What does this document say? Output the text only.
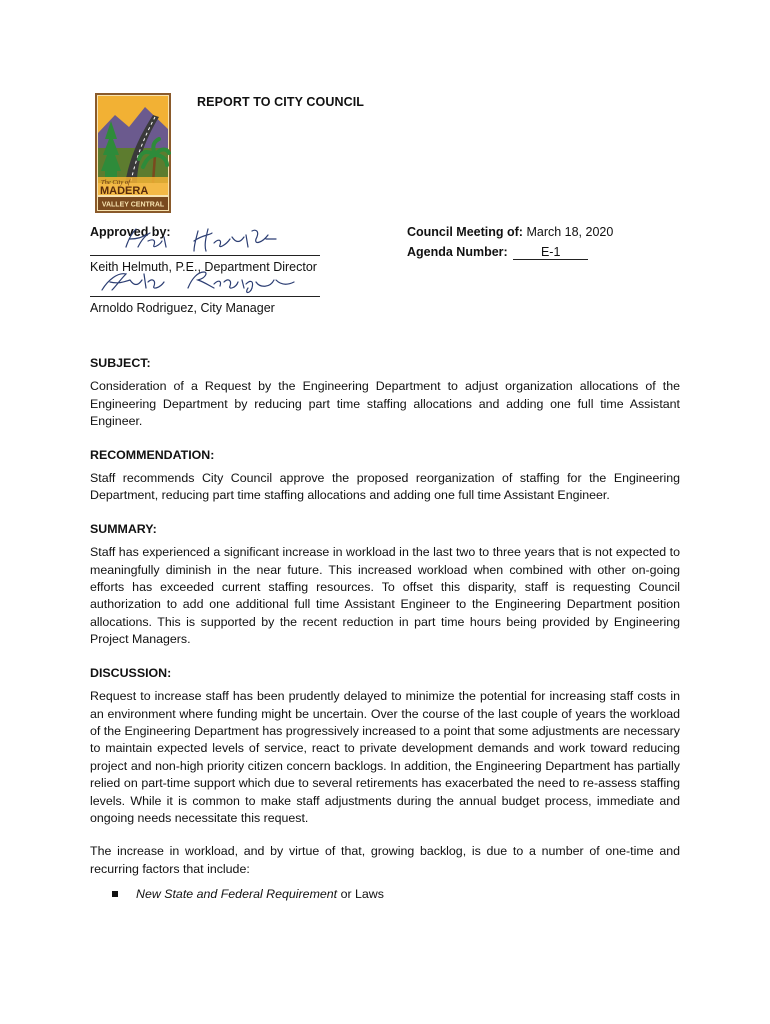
The City of
MADERA
VALLEY CENTRAL
REPORT TO CITY COUNCIL
Approved by:
Keith Helmuth, P.E., Department Director
Arnoldo Rodriguez, City Manager
Council Meeting of: March 18, 2020
Agenda Number:	E-1

SUBJECT:

Consideration of a Request by the Engineering Department to adjust organization allocations of the Engineering Department by reducing part time staffing allocations and adding one full time Assistant Engineer.

RECOMMENDATION:

Staff recommends City Council approve the proposed reorganization of staffing for the Engineering Department, reducing part time staffing allocations and adding one full time Assistant Engineer.

SUMMARY:

Staff has experienced a significant increase in workload in the last two to three years that is not expected to meaningfully diminish in the near future. This increased workload when combined with other on-going efforts has exceeded current staffing resources. To offset this disparity, staff is requesting Council authorization to add one additional full time Assistant Engineer to the Engineering Department position allocations. This is supported by the recent reduction in part time hours being provided by Engineering Project Managers.

DISCUSSION:

Request to increase staff has been prudently delayed to minimize the potential for increasing staff costs in an environment where funding might be uncertain. Over the course of the last couple of years the workload of the Engineering Department has progressively increased to a point that some adjustments are necessary to maintain expected levels of service, react to private development demands and work toward reducing project and non-high priority citizen concern backlogs. In addition, the Engineering Department has partially relied on part-time support which due to several retirements has exacerbated the need to re-assess staffing levels. While it is common to make staff adjustments during the annual budget process, immediate and ongoing needs necessitate this request.

The increase in workload, and by virtue of that, growing backlog, is due to a number of one-time and recurring factors that include:

New State and Federal Requirement or Laws
